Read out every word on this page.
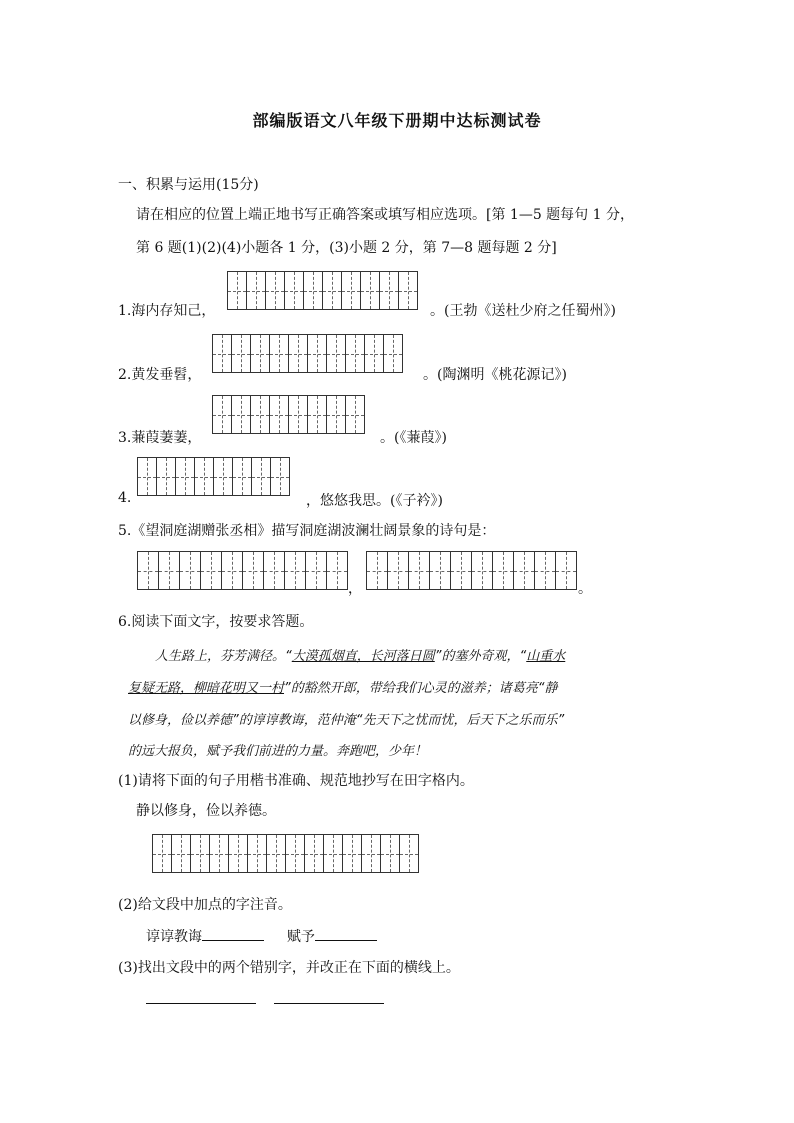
部编版语文八年级下册期中达标测试卷
一、积累与运用(15分)
请在相应的位置上端正地书写正确答案或填写相应选项。[第 1—5 题每句 1 分，
第 6 题(1)(2)(4)小题各 1 分，(3)小题 2 分，第 7—8 题每题 2 分]
1.海内存知己，	。(王勃《送杜少府之任蜀州》)
2.黄发垂髫，	。(陶渊明《桃花源记》)
3.蒹葭萋萋，	。(《蒹葭》)
4.	，悠悠我思。(《子衿》)
5.《望洞庭湖赠张丞相》描写洞庭湖波澜壮阔景象的诗句是：
，	。
6.阅读下面文字，按要求答题。
人生路上，芬芳满径。“大漠孤烟直，长河落日圆”的塞外奇观，“山重水
复疑无路，柳暗花明又一村”的豁然开郎，带给我们心灵的滋养；诸葛亮“静
以修身，俭以养德”的谆谆教诲，范仲淹“先天下之忧而忧，后天下之乐而乐”
的远大报负，赋予我们前进的力量。奔跑吧，少年！
(1)请将下面的句子用楷书准确、规范地抄写在田字格内。
静以修身，俭以养德。
(2)给文段中加点的字注音。
谆谆教诲	赋予
(3)找出文段中的两个错别字，并改正在下面的横线上。
